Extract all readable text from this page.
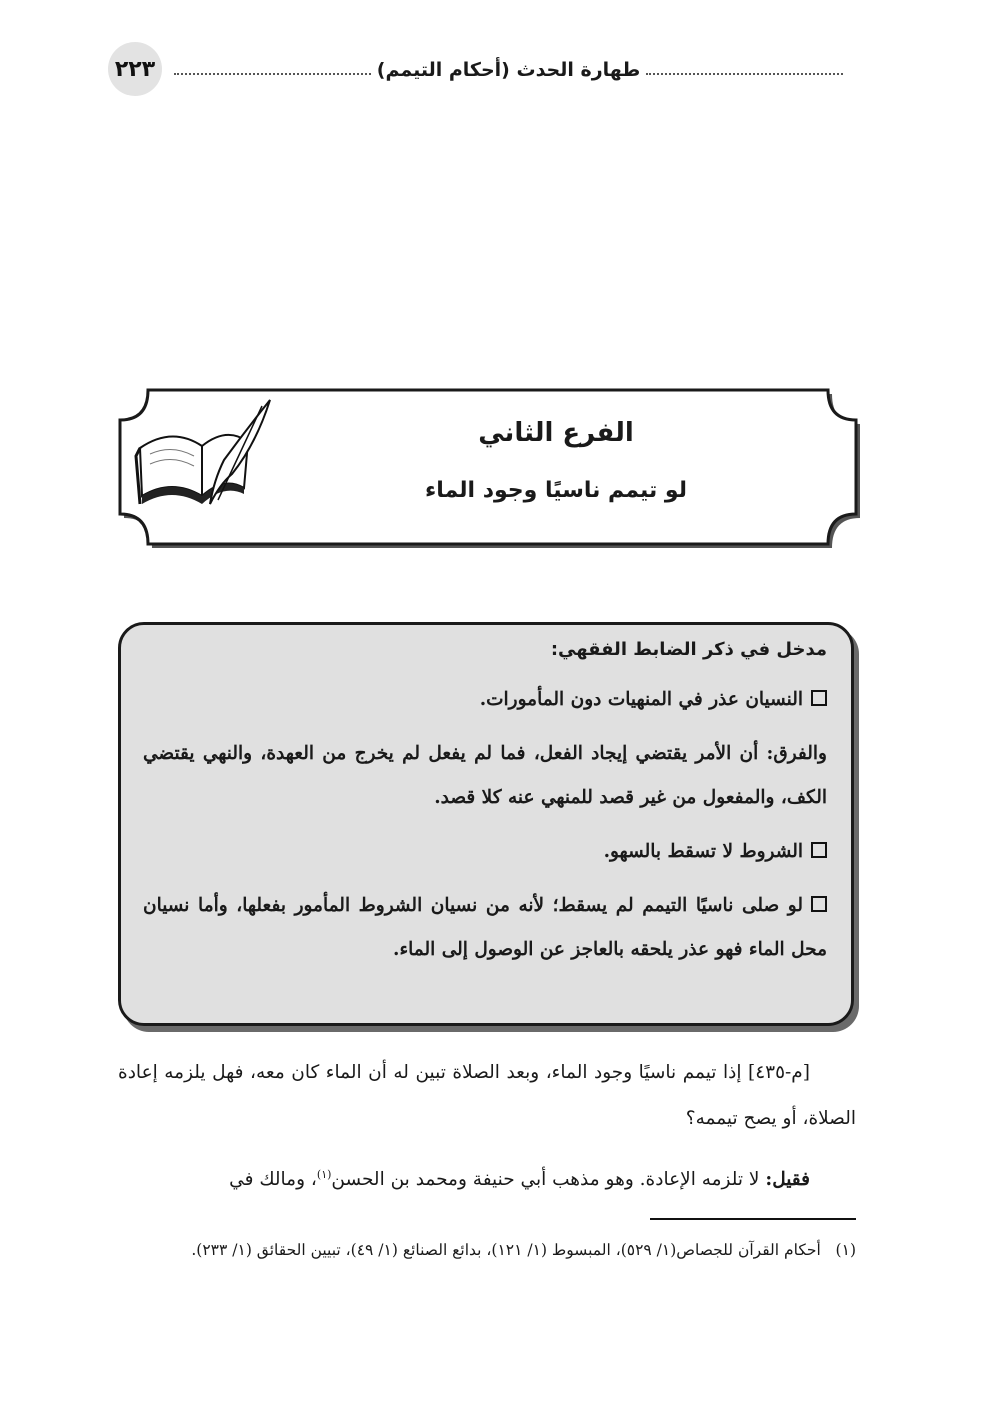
٢٢٣	طهارة الحدث (أحكام التيمم)
الفرع الثاني
لو تيمم ناسيًا وجود الماء

مدخل في ذكر الضابط الفقهي:

النسيان عذر في المنهيات دون المأمورات.

والفرق: أن الأمر يقتضي إيجاد الفعل، فما لم يفعل لم يخرج من العهدة، والنهي يقتضي الكف، والمفعول من غير قصد للمنهي عنه كلا قصد.

الشروط لا تسقط بالسهو.

لو صلى ناسيًا التيمم لم يسقط؛ لأنه من نسيان الشروط المأمور بفعلها، وأما نسيان محل الماء فهو عذر يلحقه بالعاجز عن الوصول إلى الماء.

[م-٤٣٥] إذا تيمم ناسيًا وجود الماء، وبعد الصلاة تبين له أن الماء كان معه، فهل يلزمه إعادة الصلاة، أو يصح تيممه؟

فقيل: لا تلزمه الإعادة. وهو مذهب أبي حنيفة ومحمد بن الحسن$^{(١)}$، ومالك في

(١)   أحكام القرآن للجصاص(١/ ٥٢٩)، المبسوط (١/ ١٢١)، بدائع الصنائع (١/ ٤٩)، تبيين الحقائق (١/ ٢٣٣).
